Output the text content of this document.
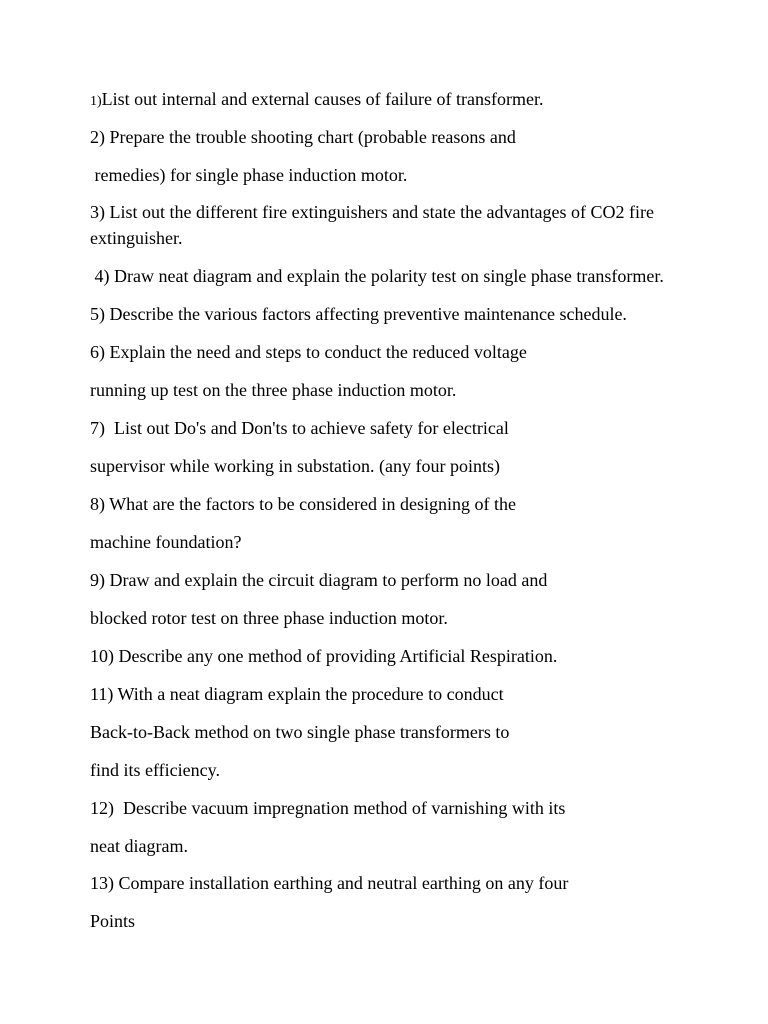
1)List out internal and external causes of failure of transformer.
2) Prepare the trouble shooting chart (probable reasons and
remedies) for single phase induction motor.
3) List out the different fire extinguishers and state the advantages of CO2 fire extinguisher.
4) Draw neat diagram and explain the polarity test on single phase transformer.
5) Describe the various factors affecting preventive maintenance schedule.
6) Explain the need and steps to conduct the reduced voltage
running up test on the three phase induction motor.
7)  List out Do's and Don'ts to achieve safety for electrical
supervisor while working in substation. (any four points)
8) What are the factors to be considered in designing of the
machine foundation?
9) Draw and explain the circuit diagram to perform no load and
blocked rotor test on three phase induction motor.
10) Describe any one method of providing Artificial Respiration.
11) With a neat diagram explain the procedure to conduct
Back-to-Back method on two single phase transformers to
find its efficiency.
12)  Describe vacuum impregnation method of varnishing with its
neat diagram.
13) Compare installation earthing and neutral earthing on any four
Points
